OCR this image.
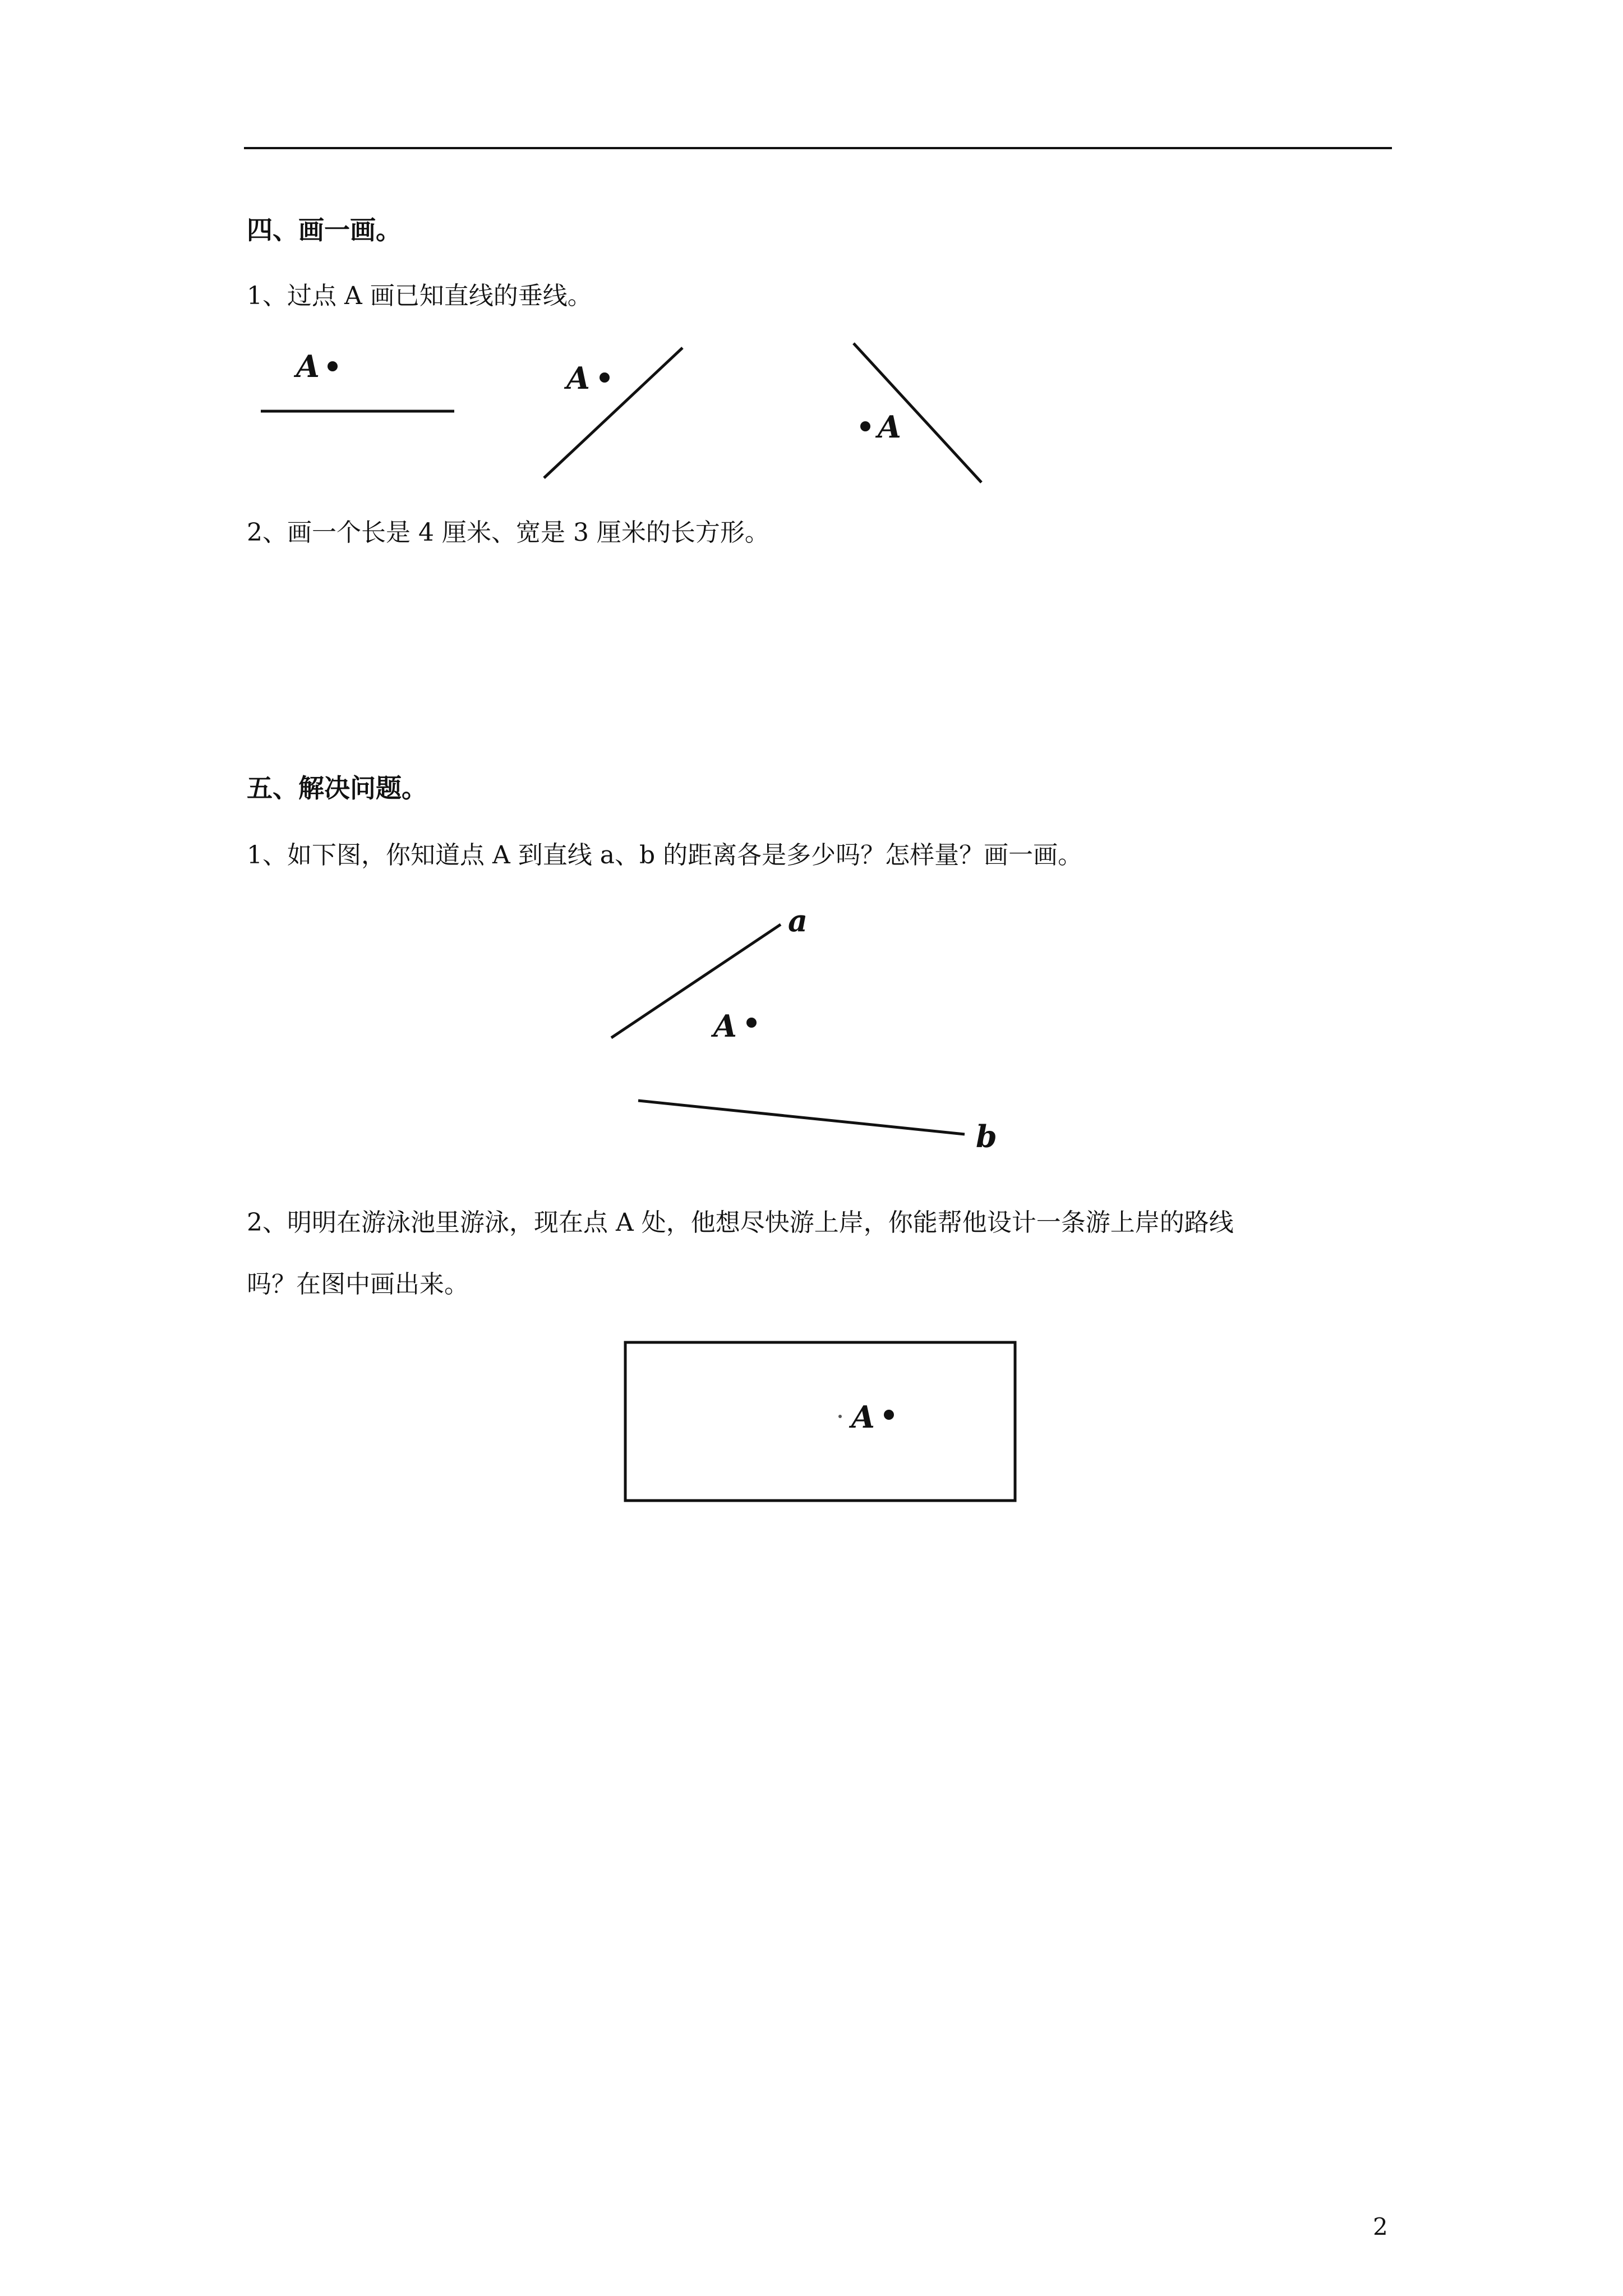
四、画一画。
1、过点 A 画已知直线的垂线。
2、画一个长是 4 厘米、宽是 3 厘米的长方形。
五、解决问题。
1、如下图，你知道点 A 到直线 a、b 的距离各是多少吗？怎样量？画一画。
2、明明在游泳池里游泳，现在点 A 处，他想尽快游上岸，你能帮他设计一条游上岸的路线
吗？在图中画出来。
A	A
A
a
A
b
A
2
